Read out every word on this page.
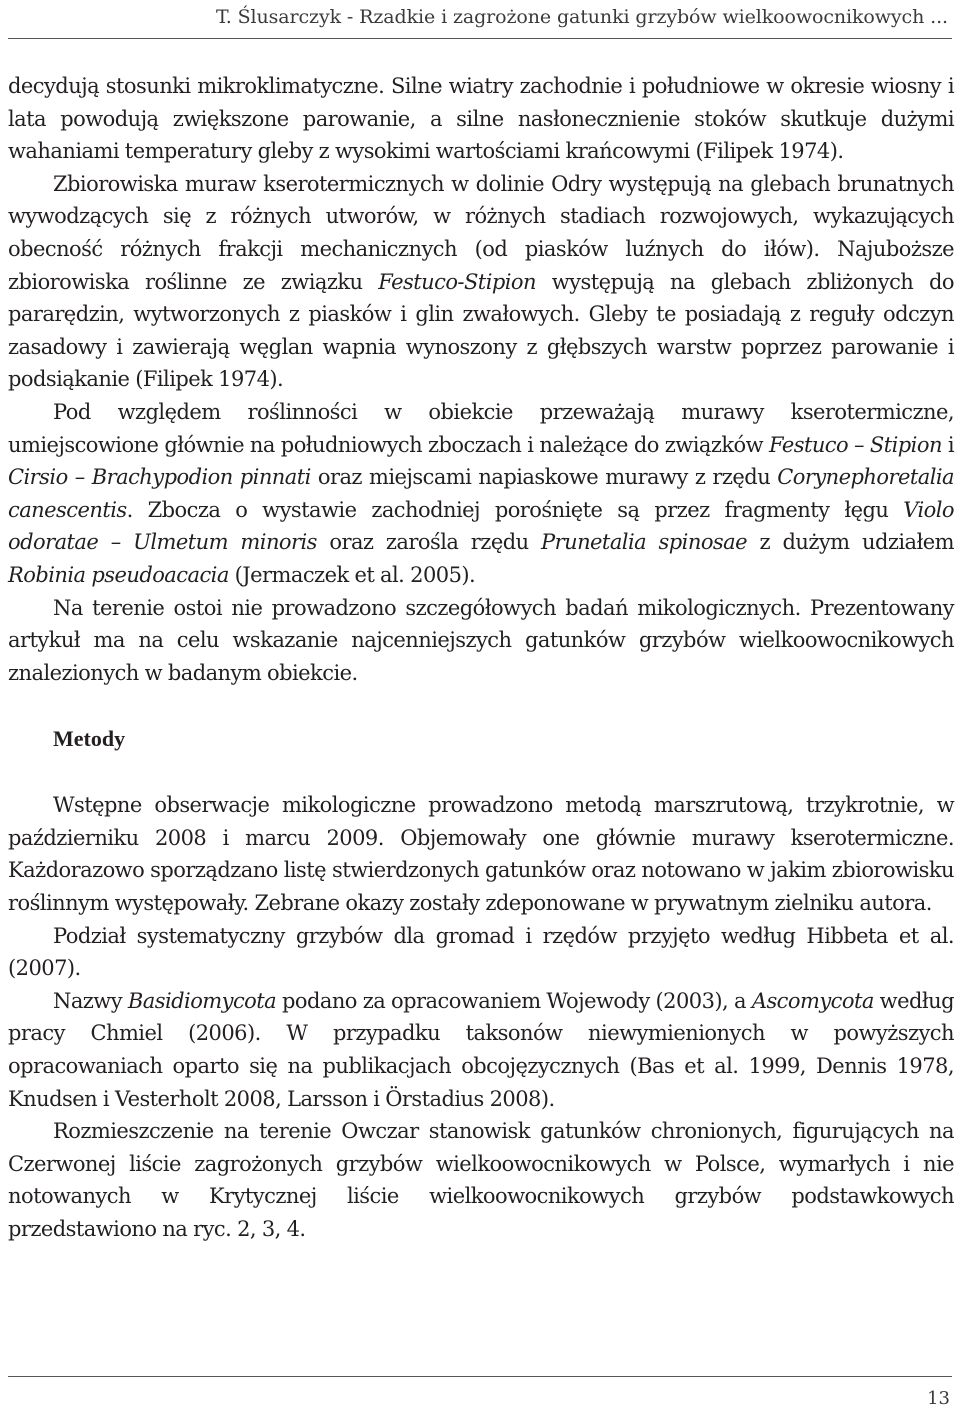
T. Ślusarczyk - Rzadkie i zagrożone gatunki grzybów wielkoowocnikowych ...

decydują stosunki mikroklimatyczne. Silne wiatry zachodnie i południowe w okresie wiosny i lata powodują zwiększone parowanie, a silne nasłonecznienie stoków skutkuje dużymi wahaniami temperatury gleby z wysokimi wartościami krańcowymi (Filipek 1974).

Zbiorowiska muraw kserotermicznych w dolinie Odry występują na glebach brunatnych wywodzących się z różnych utworów, w różnych stadiach rozwojowych, wykazujących obecność różnych frakcji mechanicznych (od piasków luźnych do iłów). Najuboższe zbiorowiska roślinne ze związku Festuco-Stipion występują na glebach zbliżonych do pararędzin, wytworzonych z piasków i glin zwałowych. Gleby te posiadają z reguły odczyn zasadowy i zawierają węglan wapnia wynoszony z głębszych warstw poprzez parowanie i podsiąkanie (Filipek 1974).

Pod względem roślinności w obiekcie przeważają murawy kserotermiczne, umiejscowione głównie na południowych zboczach i należące do związków Festuco – Stipion i Cirsio – Brachypodion pinnati oraz miejscami napiaskowe murawy z rzędu Corynephoretalia canescentis. Zbocza o wystawie zachodniej porośnięte są przez fragmenty łęgu Violo odoratae – Ulmetum minoris oraz zarośla rzędu Prunetalia spinosae z dużym udziałem Robinia pseudoacacia (Jermaczek et al. 2005).

Na terenie ostoi nie prowadzono szczegółowych badań mikologicznych. Prezentowany artykuł ma na celu wskazanie najcenniejszych gatunków grzybów wielkoowocnikowych znalezionych w badanym obiekcie.

Metody

Wstępne obserwacje mikologiczne prowadzono metodą marszrutową, trzykrotnie, w październiku 2008 i marcu 2009. Objemowały one głównie murawy kserotermiczne. Każdorazowo sporządzano listę stwierdzonych gatunków oraz notowano w jakim zbiorowisku roślinnym występowały. Zebrane okazy zostały zdeponowane w prywatnym zielniku autora.

Podział systematyczny grzybów dla gromad i rzędów przyjęto według Hibbeta et al. (2007).

Nazwy Basidiomycota podano za opracowaniem Wojewody (2003), a Ascomycota według pracy Chmiel (2006). W przypadku taksonów niewymienionych w powyższych opracowaniach oparto się na publikacjach obcojęzycznych (Bas et al. 1999, Dennis 1978, Knudsen i Vesterholt 2008, Larsson i Örstadius 2008).

Rozmieszczenie na terenie Owczar stanowisk gatunków chronionych, figurujących na Czerwonej liście zagrożonych grzybów wielkoowocnikowych w Polsce, wymarłych i nie notowanych w Krytycznej liście wielkoowocnikowych grzybów podstawkowych przedstawiono na ryc. 2, 3, 4.

13
